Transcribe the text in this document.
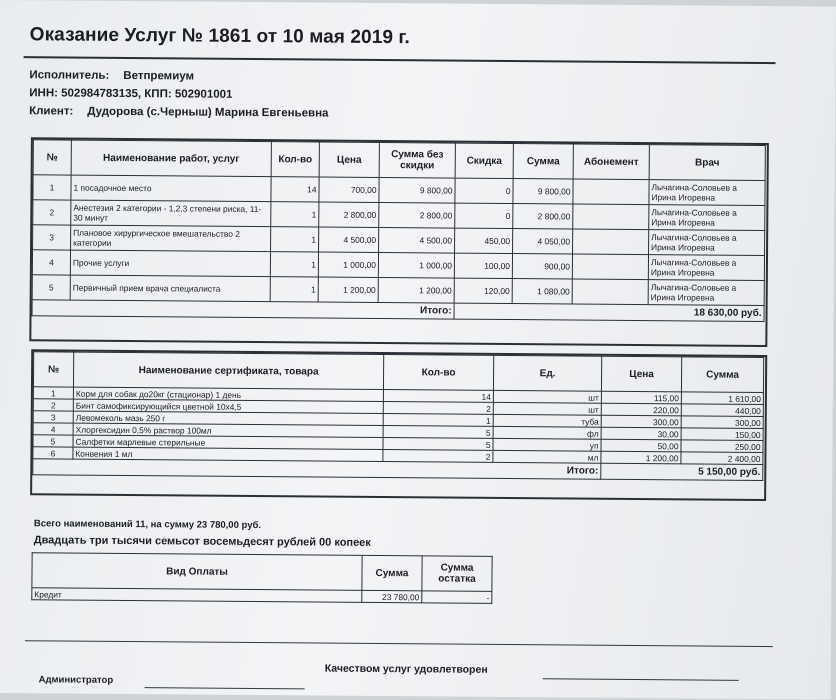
Оказание Услуг № 1861 от 10 мая 2019 г.
Исполнитель: Ветпремиум
ИНН: 502984783135, КПП: 502901001
Клиент: Дудорова (с.Черныш) Марина Евгеньевна
№	Наименование работ, услуг	Кол-во	Цена	Сумма без скидки	Скидка	Сумма	Абонемент	Врач
1	1 посадочное место	14	700,00	9 800,00	0	9 800,00		Лычагина-Соловьев а Ирина Игоревна
2	Анестезия 2 категории - 1,2,3 степени риска, 11-30 минут	1	2 800,00	2 800,00	0	2 800,00		Лычагина-Соловьев а Ирина Игоревна
3	Плановое хирургическое вмешательство 2 категории	1	4 500,00	4 500,00	450,00	4 050,00		Лычагина-Соловьев а Ирина Игоревна
4	Прочие услуги	1	1 000,00	1 000,00	100,00	900,00		Лычагина-Соловьев а Ирина Игоревна
5	Первичный прием врача специалиста	1	1 200,00	1 200,00	120,00	1 080,00		Лычагина-Соловьев а Ирина Игоревна
Итого:					18 630,00 руб.			
№	Наименование сертификата, товара	Кол-во	Ед.	Цена	Сумма
1	Корм для собак до20кг (стационар) 1 день	14	шт	115,00	1 610,00
2	Бинт самофиксирующийся цветной 10х4,5	2	шт	220,00	440,00
3	Левомеколь мазь 250 г	1	туба	300,00	300,00
4	Хлоргексидин 0,5% раствор 100мл	5	фл	30,00	150,00
5	Салфетки марлевые стерильные	5	уп	50,00	250,00
6	Конвения 1 мл	2	мл	1 200,00	2 400,00
Итого:				5 150,00 руб.	
Всего наименований 11, на сумму 23 780,00 руб.
Двадцать три тысячи семьсот восемьдесят рублей 00 копеек
Вид Оплаты	Сумма	Сумма остатка
Кредит	23 780,00	-
Качеством услуг удовлетворен
Администратор
